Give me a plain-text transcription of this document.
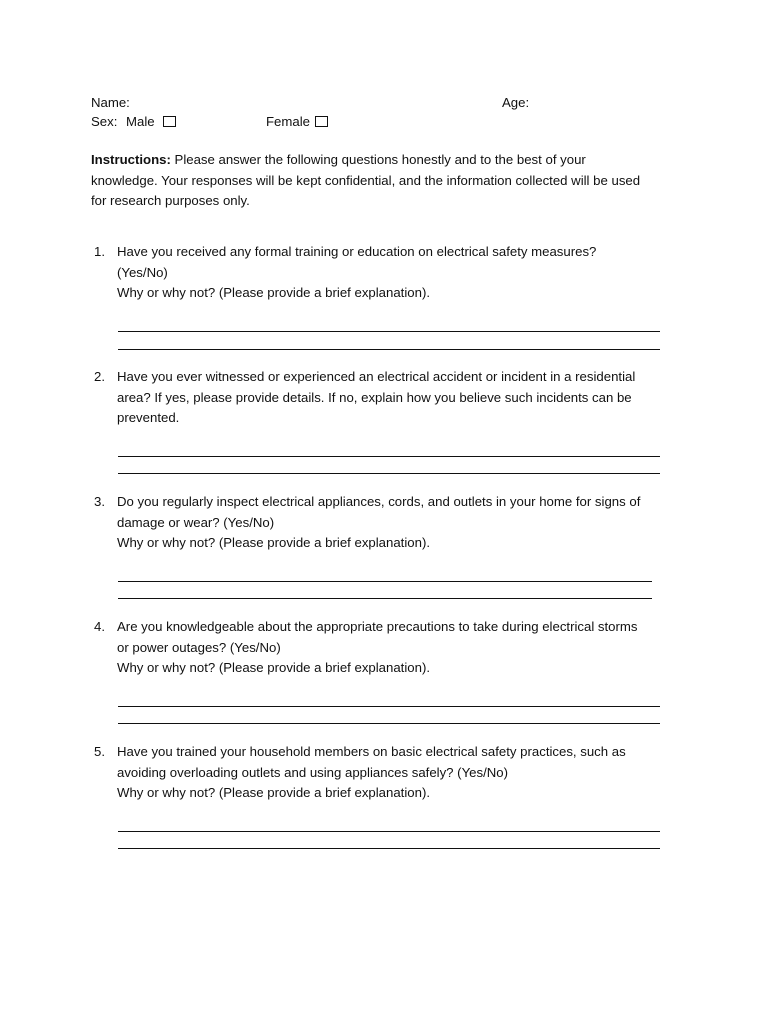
Name:	Age:
Sex: Male	Female
Instructions: Please answer the following questions honestly and to the best of your
knowledge. Your responses will be kept confidential, and the information collected will be used
for research purposes only.
1. Have you received any formal training or education on electrical safety measures?
(Yes/No)
Why or why not? (Please provide a brief explanation).
2. Have you ever witnessed or experienced an electrical accident or incident in a residential
area? If yes, please provide details. If no, explain how you believe such incidents can be
prevented.
3. Do you regularly inspect electrical appliances, cords, and outlets in your home for signs of
damage or wear? (Yes/No)
Why or why not? (Please provide a brief explanation).
4. Are you knowledgeable about the appropriate precautions to take during electrical storms
or power outages? (Yes/No)
Why or why not? (Please provide a brief explanation).
5. Have you trained your household members on basic electrical safety practices, such as
avoiding overloading outlets and using appliances safely? (Yes/No)
Why or why not? (Please provide a brief explanation).
